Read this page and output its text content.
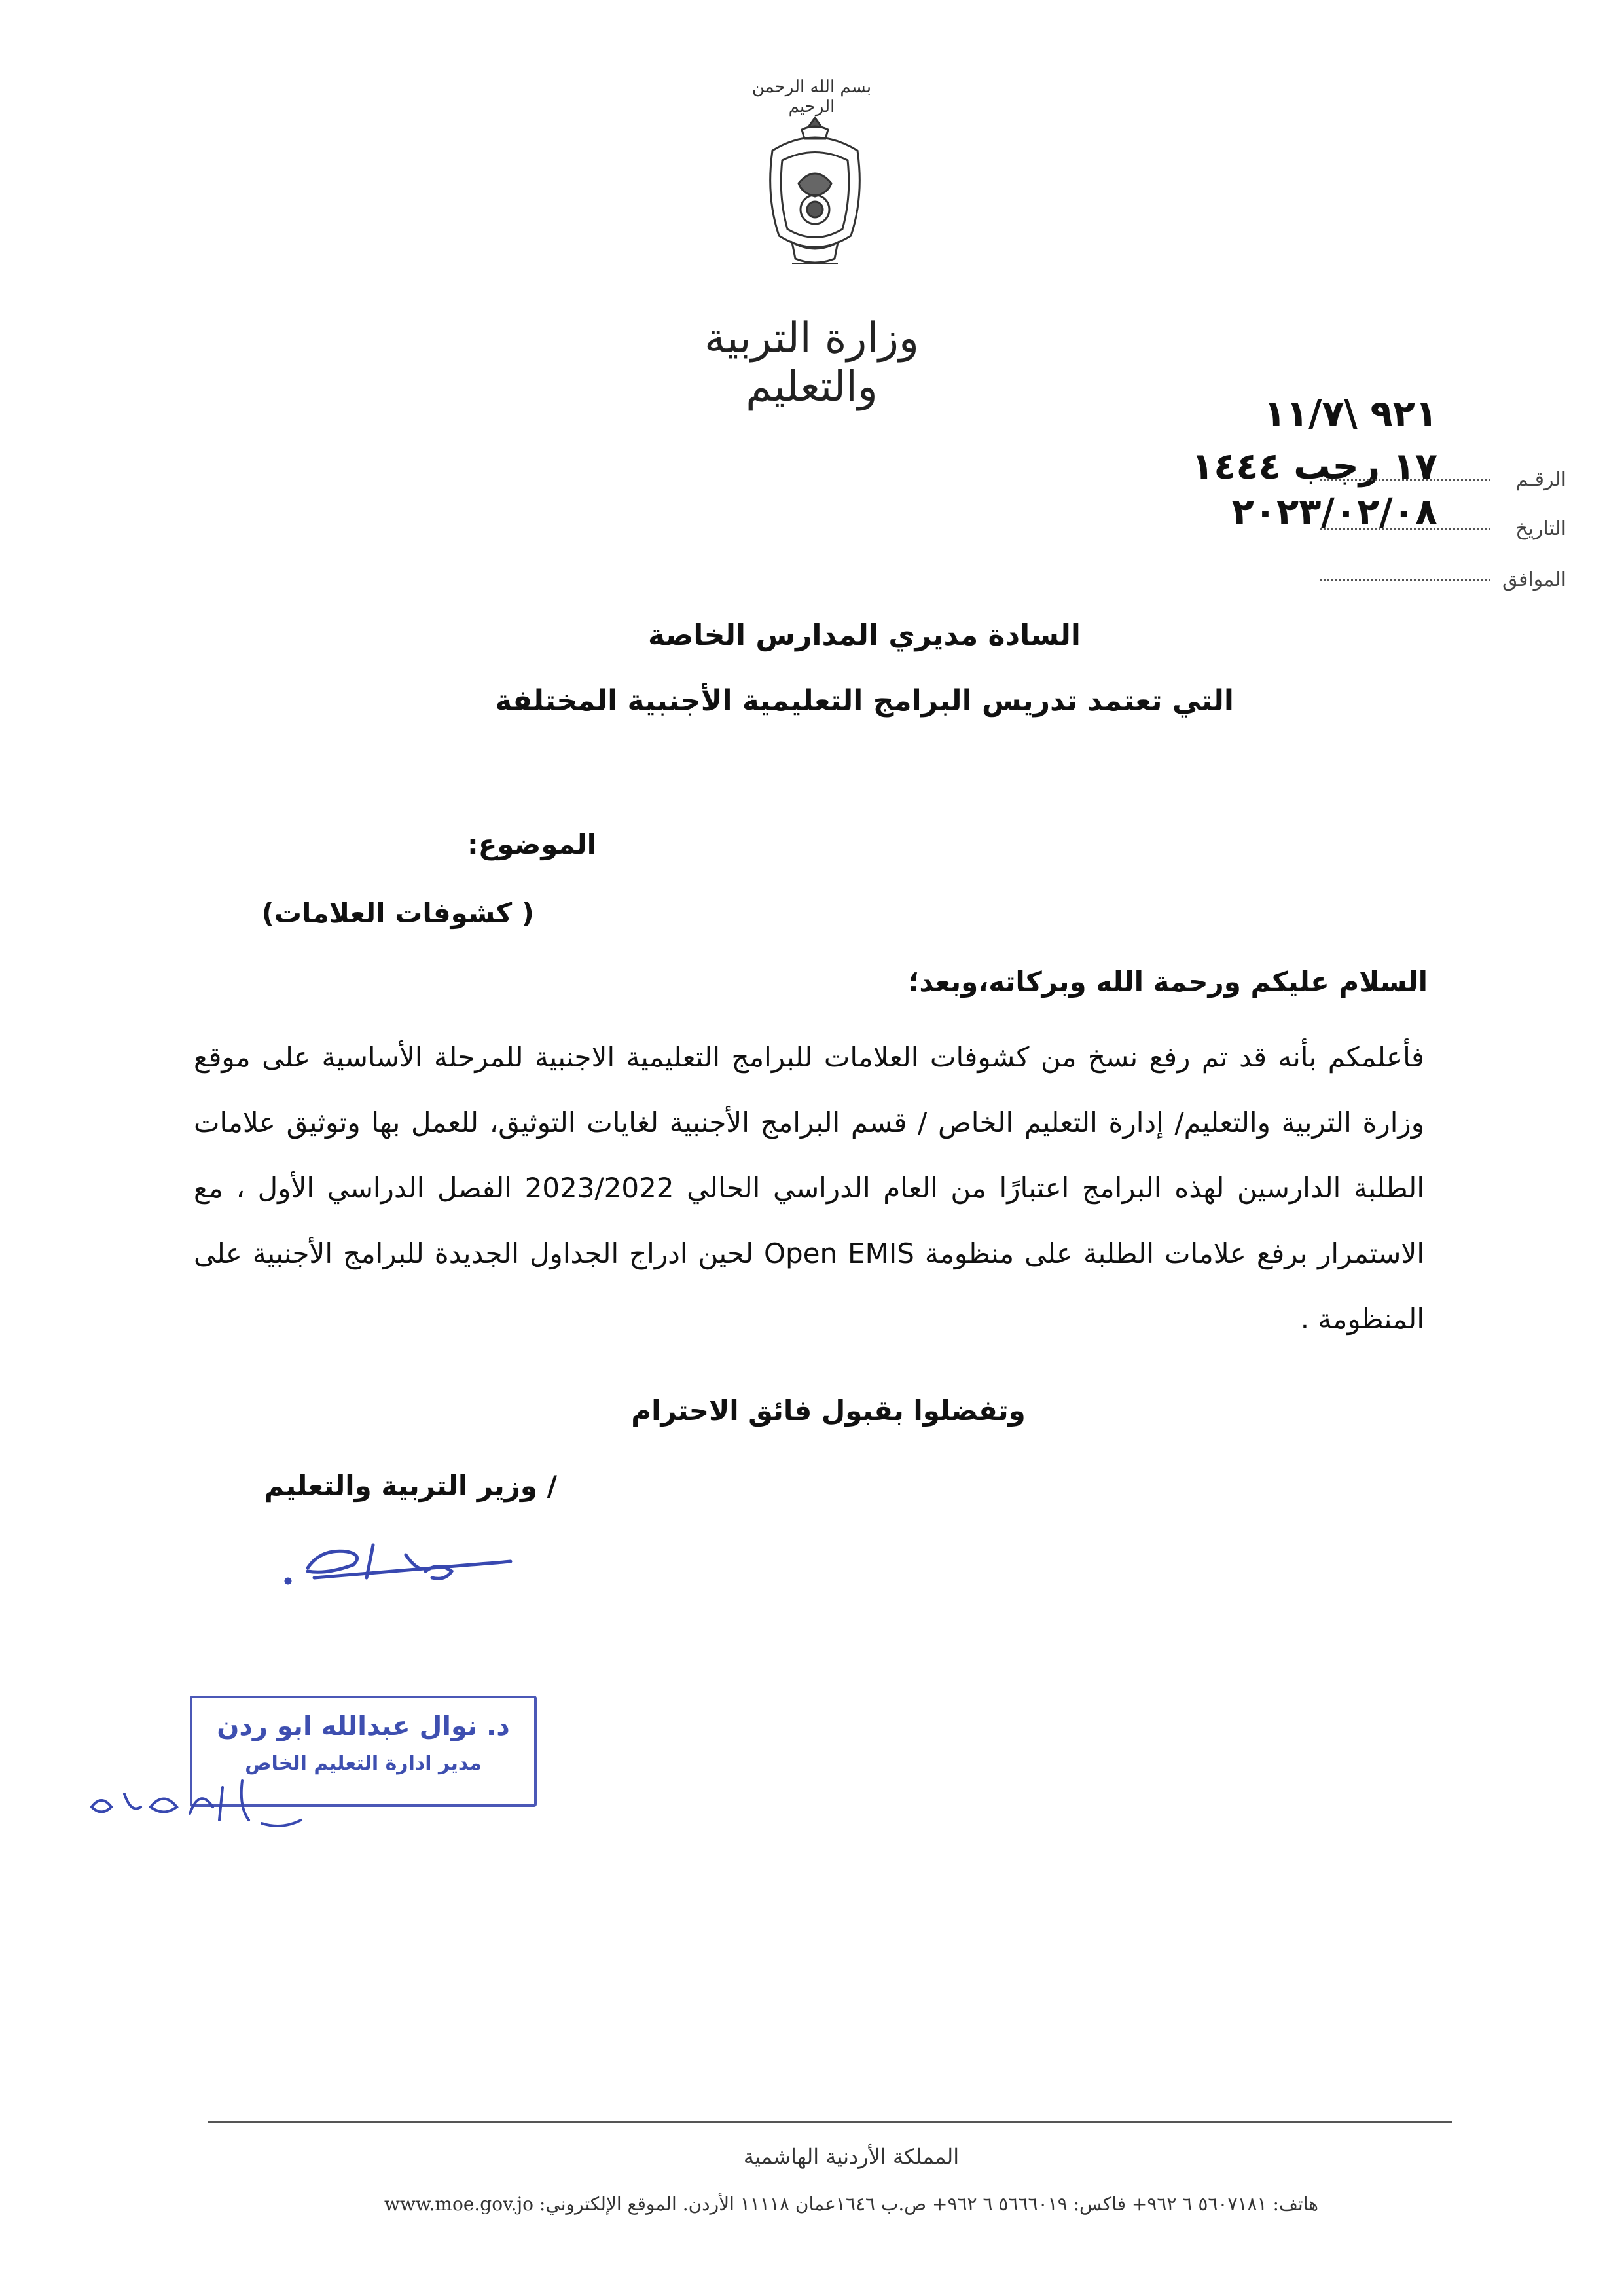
بسم الله الرحمن الرحيم
وزارة التربية والتعليم
٩٢١ \١١/٧
١٧ رجب ١٤٤٤
٢٠٢٣/٠٢/٠٨
الرقـم
التاريخ
الموافق
السادة مديري المدارس الخاصة
التي تعتمد تدريس البرامج التعليمية الأجنبية المختلفة
الموضوع:
( كشوفات العلامات)
السلام عليكم ورحمة الله وبركاته،وبعد؛
فأعلمكم بأنه قد تم رفع نسخ من كشوفات العلامات للبرامج التعليمية الاجنبية للمرحلة الأساسية على موقع وزارة التربية والتعليم/ إدارة التعليم الخاص / قسم البرامج الأجنبية لغايات التوثيق، للعمل بها وتوثيق علامات الطلبة الدارسين لهذه البرامج اعتبارًا من العام الدراسي الحالي 2023/2022 الفصل الدراسي الأول ، مع الاستمرار برفع علامات الطلبة على منظومة Open EMIS لحين ادراج الجداول الجديدة للبرامج الأجنبية على المنظومة .
وتفضلوا بقبول فائق الاحترام
/ وزير التربية والتعليم
د. نوال عبدالله ابو ردن
مدير ادارة التعليم الخاص
المملكة الأردنية الهاشمية
هاتف: ٥٦٠٧١٨١ ٦ ٩٦٢+ فاكس: ٥٦٦٦٠١٩ ٦ ٩٦٢+ ص.ب ١٦٤٦عمان ١١١١٨ الأردن. الموقع الإلكتروني: www.moe.gov.jo
